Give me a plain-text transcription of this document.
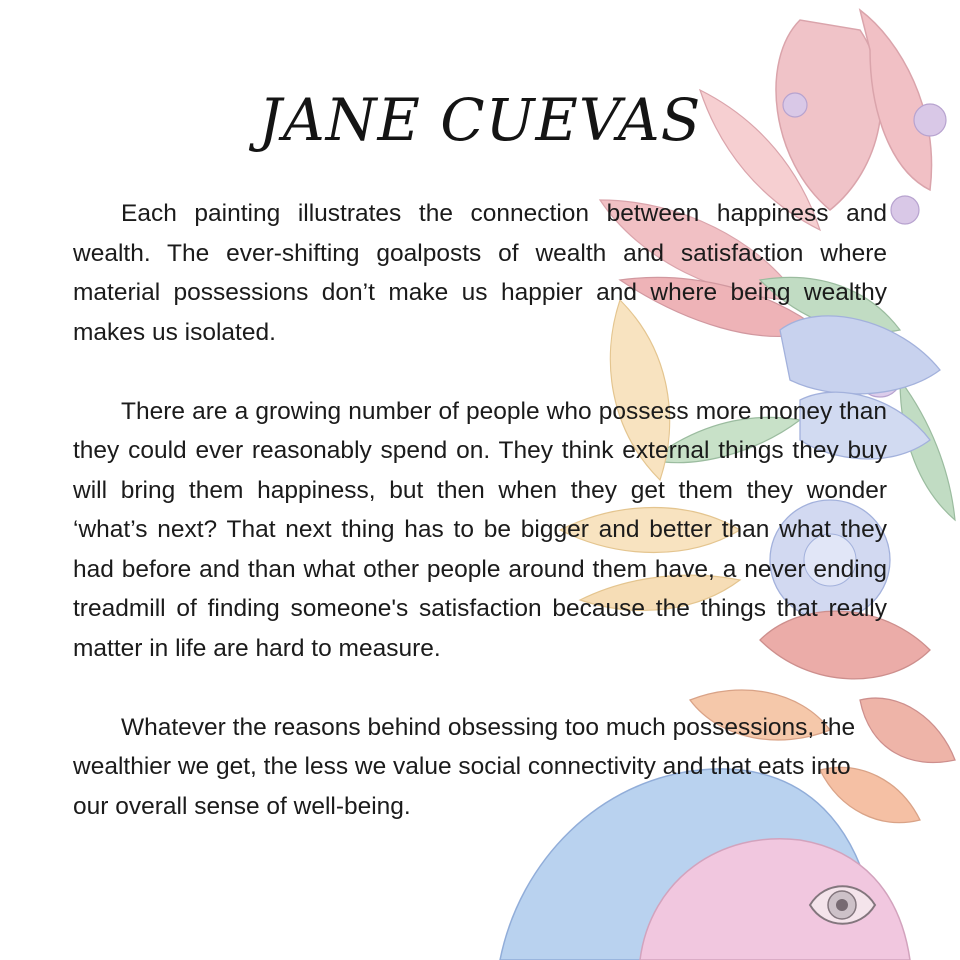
JANE CUEVAS

Each painting illustrates the connection between happiness and wealth. The ever-shifting goalposts of wealth and satisfaction where material possessions don’t make us happier and where being wealthy makes us isolated.

There are a growing number of people who possess more money than they could ever reasonably spend on. They think external things they buy will bring them happiness, but then when they get them they wonder ‘what’s next? That next thing has to be bigger and better than what they had before and than what other people around them have, a never ending treadmill of finding someone's satisfaction because the things that really matter in life are hard to measure.

Whatever the reasons behind obsessing too much possessions, the wealthier we get, the less we value social connectivity and that eats into our overall sense of well-being.
